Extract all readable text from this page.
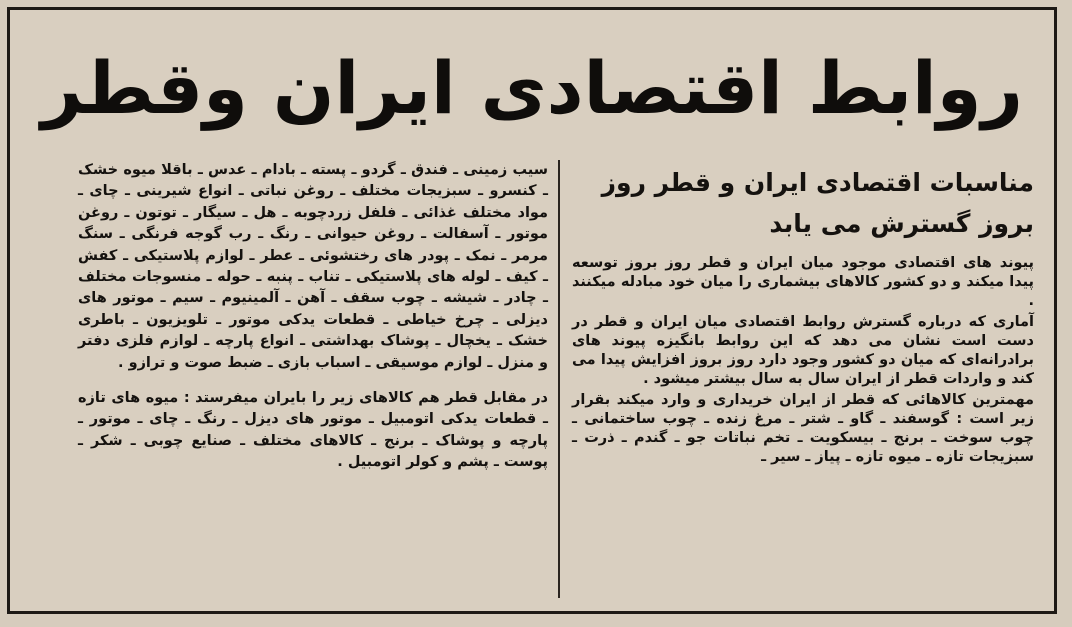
روابط اقتصادی ایران وقطر
مناسبات اقتصادی ایران و قطر روز بروز گسترش می یابد

پیوند های اقتصادی موجود میان ایران و قطر روز بروز توسعه پیدا میکند و دو کشور کالاهای بیشماری را میان خود مبادله میکنند .

آماری که درباره گسترش روابط اقتصادی میان ایران و قطر در دست است نشان می دهد که این روابط بانگیزه پیوند های برادرانه‌ای که میان دو کشور وجود دارد روز بروز افزایش پیدا می کند و واردات قطر از ایران سال به سال بیشتر میشود .

مهمترین کالاهائی که قطر از ایران خریداری و وارد میکند بقرار زیر است : گوسفند ـ گاو ـ شتر ـ مرغ زنده ـ چوب ساختمانی ـ چوب سوخت ـ برنج ـ بیسکویت ـ تخم نباتات جو ـ گندم ـ ذرت ـ سبزیجات تازه ـ میو‌ه تازه ـ پیاز ـ سیر ـ

سیب زمینی ـ فندق ـ گردو ـ پسته ـ بادام ـ عدس ـ باقلا میوه خشک ـ کنسرو ـ سبزیجات مختلف ـ روغن نباتی ـ انواع شیرینی ـ چای ـ مواد مختلف غذائی ـ فلفل زردچوبه ـ هل ـ سیگار ـ توتون ـ روغن موتور ـ آسفالت ـ روغن حیوانی ـ رنگ ـ رب گوجه فرنگی ـ سنگ مرمر ـ نمک ـ پودر های رختشوئی ـ عطر ـ لوازم پلاستیکی ـ کفش ـ کیف ـ لوله های پلاستیکی ـ تناب ـ پنبه ـ حوله ـ منسوجات مختلف ـ چادر ـ شیشه ـ چوب سقف ـ آهن ـ آلمینیوم ـ سیم ـ موتور های دیزلی ـ چرخ خیاطی ـ قطعات یدکی موتور ـ تلویزیون ـ باطری خشک ـ یخچال ـ پوشاک بهداشتی ـ انواع پارچه ـ لوازم فلزی دفتر و منزل ـ لوازم موسیقی ـ اسباب بازی ـ ضبط صوت و ترازو .

در مقابل قطر هم کالاهای زیر را بایران میفرستد : میوه های تازه ـ قطعات یدکی اتومبیل ـ موتور های دیزل ـ رنگ ـ چای ـ موتور ـ پارچه و پوشاک ـ برنج ـ کالاهای مختلف ـ صنایع چوبی ـ شکر ـ پوست ـ پشم و کولر اتومبیل .
